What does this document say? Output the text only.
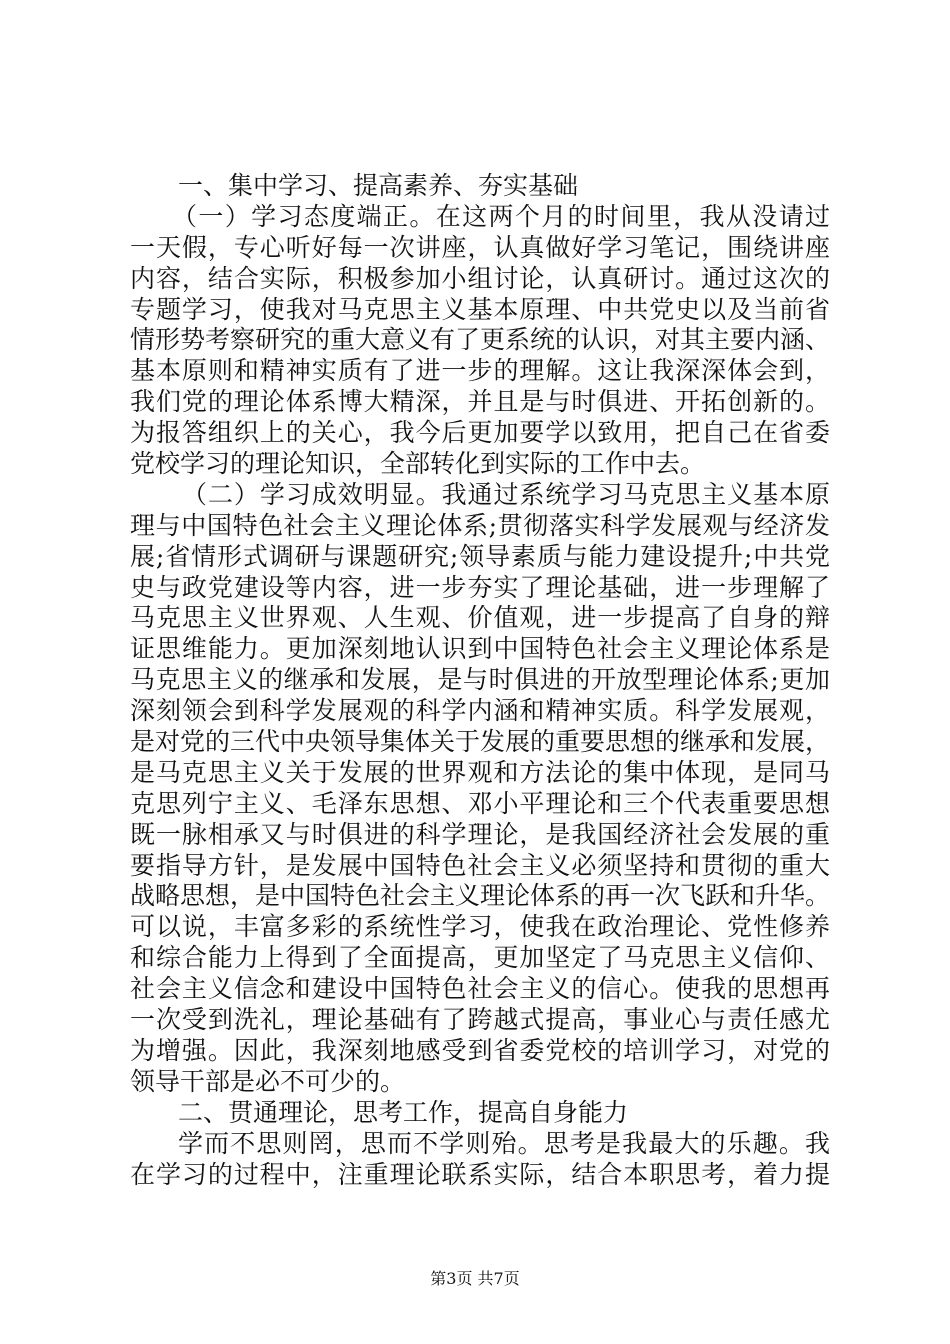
一、集中学习、提高素养、夯实基础
（一）学习态度端正。在这两个月的时间里，我从没请过
一天假，专心听好每一次讲座，认真做好学习笔记，围绕讲座
内容，结合实际，积极参加小组讨论，认真研讨。通过这次的
专题学习，使我对马克思主义基本原理、中共党史以及当前省
情形势考察研究的重大意义有了更系统的认识，对其主要内涵、
基本原则和精神实质有了进一步的理解。这让我深深体会到，
我们党的理论体系博大精深，并且是与时俱进、开拓创新的。
为报答组织上的关心，我今后更加要学以致用，把自己在省委
党校学习的理论知识，全部转化到实际的工作中去。
（二）学习成效明显。我通过系统学习马克思主义基本原
理与中国特色社会主义理论体系;贯彻落实科学发展观与经济发
展;省情形式调研与课题研究;领导素质与能力建设提升;中共党
史与政党建设等内容，进一步夯实了理论基础，进一步理解了
马克思主义世界观、人生观、价值观，进一步提高了自身的辩
证思维能力。更加深刻地认识到中国特色社会主义理论体系是
马克思主义的继承和发展，是与时俱进的开放型理论体系;更加
深刻领会到科学发展观的科学内涵和精神实质。科学发展观，
是对党的三代中央领导集体关于发展的重要思想的继承和发展，
是马克思主义关于发展的世界观和方法论的集中体现，是同马
克思列宁主义、毛泽东思想、邓小平理论和三个代表重要思想
既一脉相承又与时俱进的科学理论，是我国经济社会发展的重
要指导方针，是发展中国特色社会主义必须坚持和贯彻的重大
战略思想，是中国特色社会主义理论体系的再一次飞跃和升华。
可以说，丰富多彩的系统性学习，使我在政治理论、党性修养
和综合能力上得到了全面提高，更加坚定了马克思主义信仰、
社会主义信念和建设中国特色社会主义的信心。使我的思想再
一次受到洗礼，理论基础有了跨越式提高，事业心与责任感尤
为增强。因此，我深刻地感受到省委党校的培训学习，对党的
领导干部是必不可少的。
二、贯通理论，思考工作，提高自身能力
学而不思则罔，思而不学则殆。思考是我最大的乐趣。我
在学习的过程中，注重理论联系实际，结合本职思考，着力提
第3页 共7页
